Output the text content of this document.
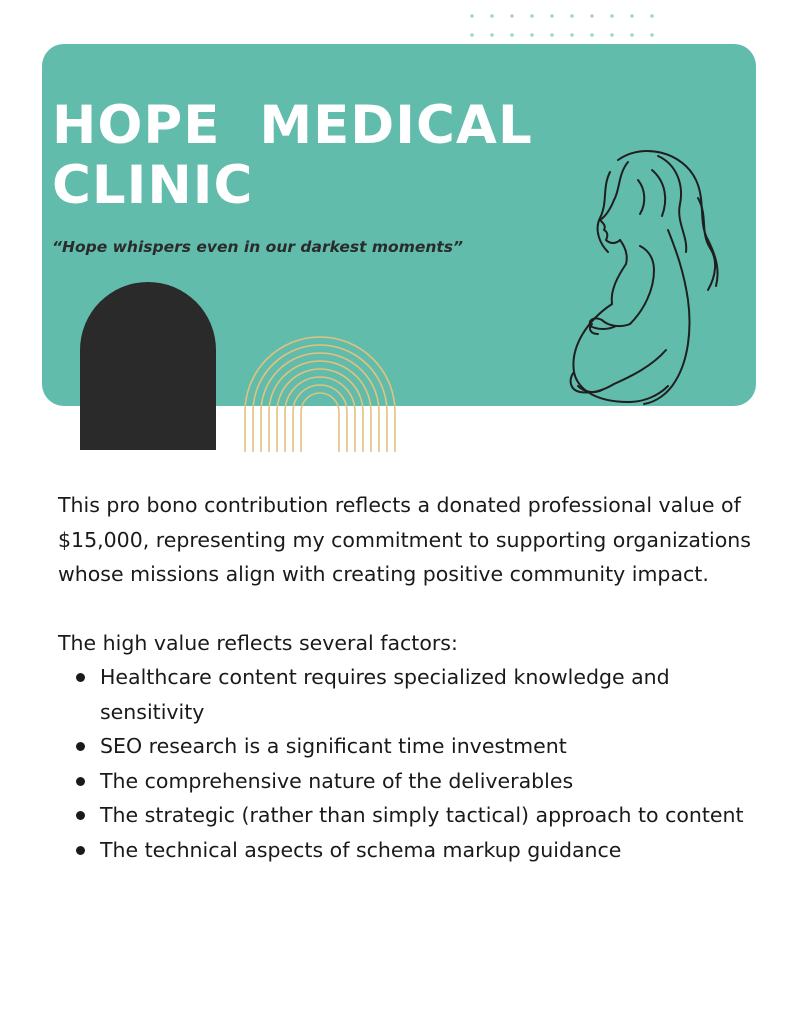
HOPE  MEDICAL
CLINIC

“Hope whispers even in our darkest moments”

This pro bono contribution reflects a donated professional value of $15,000, representing my commitment to supporting organizations whose missions align with creating positive community impact.

The high value reflects several factors:

Healthcare content requires specialized knowledge and sensitivity
SEO research is a significant time investment
The comprehensive nature of the deliverables
The strategic (rather than simply tactical) approach to content
The technical aspects of schema markup guidance
